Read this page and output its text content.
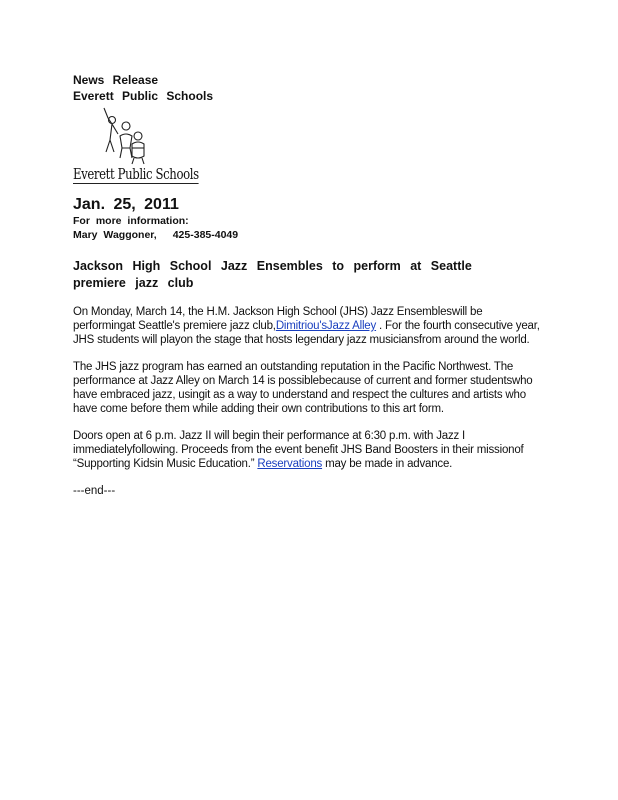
News Release
Everett Public Schools
Everett Public Schools
Jan. 25, 2011
For more information:
Mary Waggoner, 425-385-4049
Jackson High School Jazz Ensembles to perform at Seattle premiere jazz club
On Monday, March 14, the H.M. Jackson High School (JHS) Jazz Ensembleswill be performingat Seattle's premiere jazz club,Dimitriou'sJazz Alley . For the fourth consecutive year, JHS students will playon the stage that hosts legendary jazz musiciansfrom around the world.
The JHS jazz program has earned an outstanding reputation in the Pacific Northwest. The performance at Jazz Alley on March 14 is possiblebecause of current and former studentswho have embraced jazz, usingit as a way to understand and respect the cultures and artists who have come before them while adding their own contributions to this art form.
Doors open at 6 p.m. Jazz II will begin their performance at 6:30 p.m. with Jazz I immediatelyfollowing. Proceeds from the event benefit JHS Band Boosters in their missionof “Supporting Kidsin Music Education.” Reservations may be made in advance.
---end---
